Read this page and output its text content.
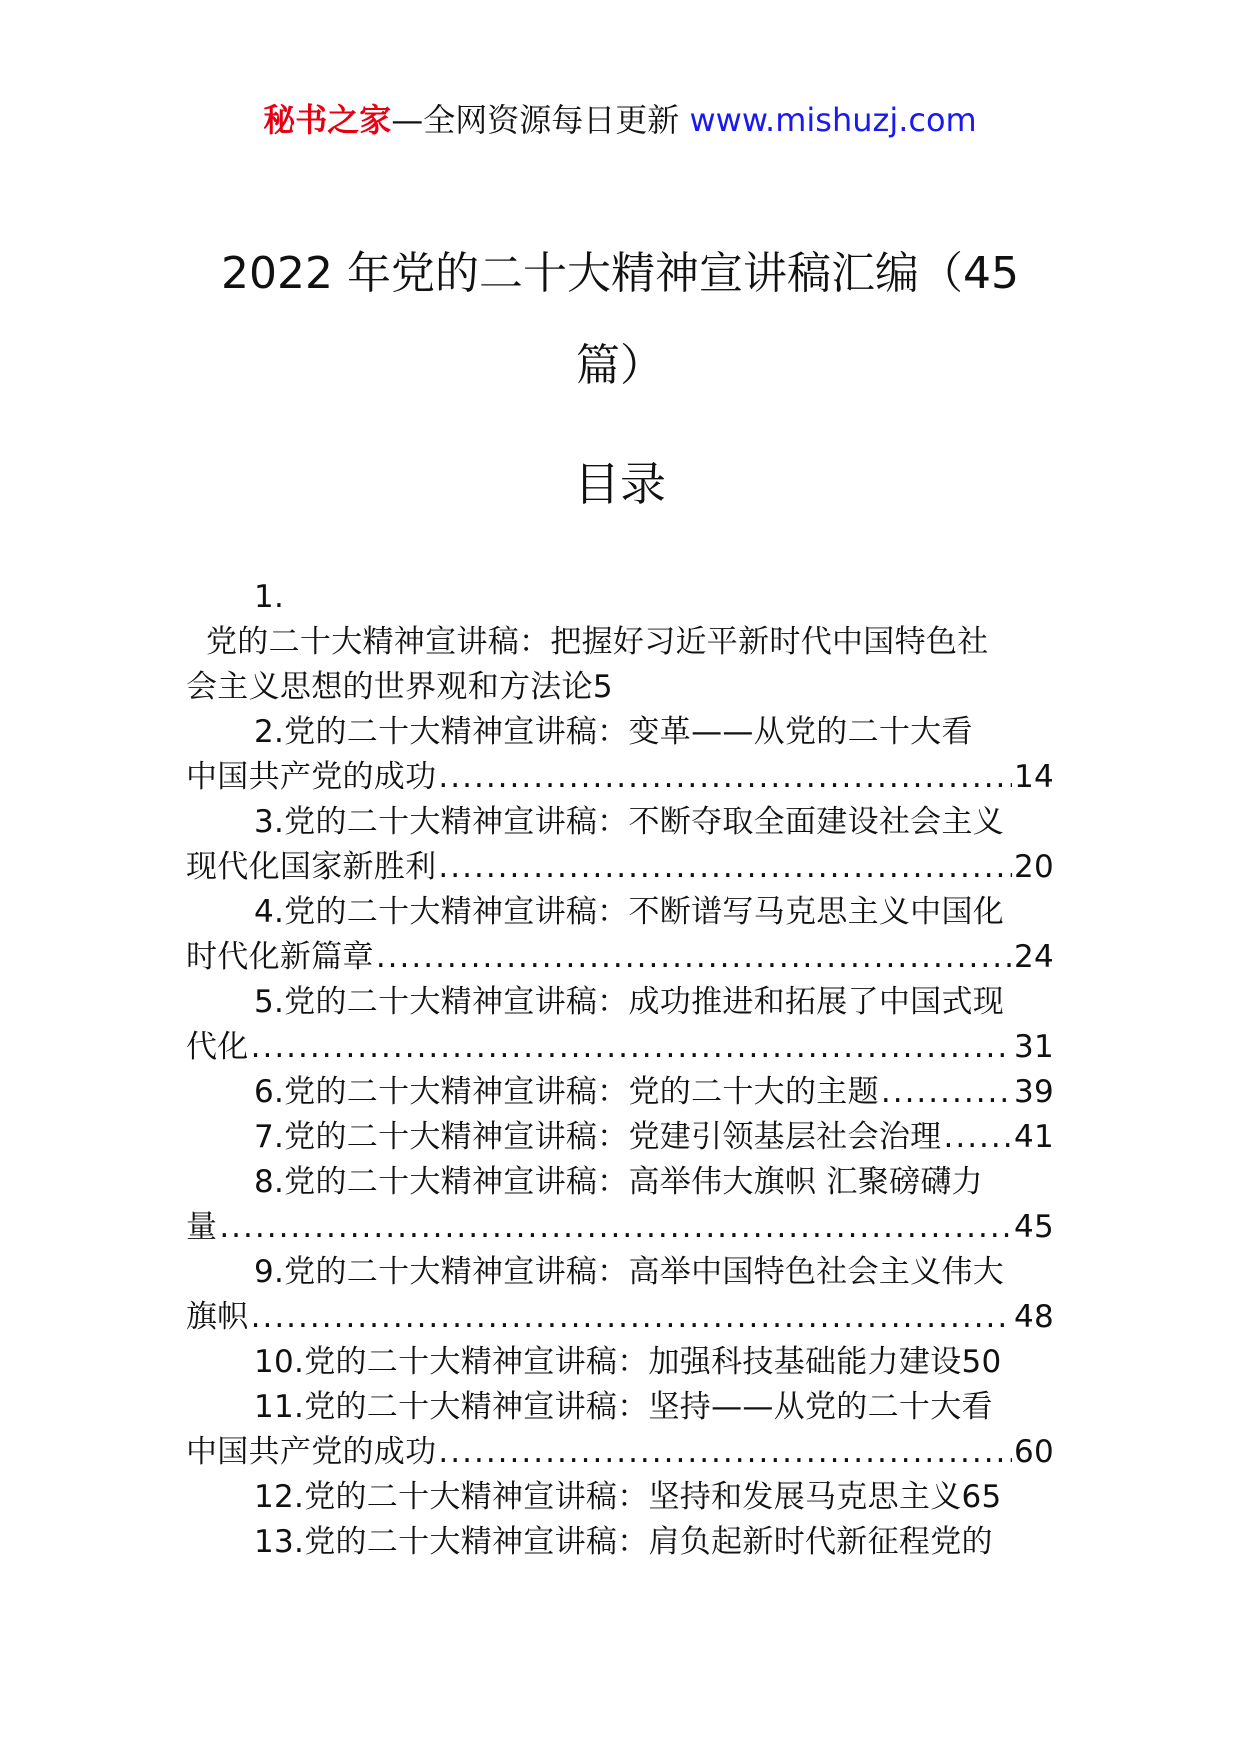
秘书之家—全网资源每日更新 www.mishuzj.com
2022 年党的二十大精神宣讲稿汇编（45
篇）
目录
1.
党的二十大精神宣讲稿：把握好习近平新时代中国特色社
会主义思想的世界观和方法论5
2.党的二十大精神宣讲稿：变革——从党的二十大看
中国共产党的成功 .....	14
3.党的二十大精神宣讲稿：不断夺取全面建设社会主义
现代化国家新胜利 .....	20
4.党的二十大精神宣讲稿：不断谱写马克思主义中国化
时代化新篇章 .....	24
5.党的二十大精神宣讲稿：成功推进和拓展了中国式现
代化 .....	31
6.党的二十大精神宣讲稿：党的二十大的主题 .....	39
7.党的二十大精神宣讲稿：党建引领基层社会治理 ..... 41
8.党的二十大精神宣讲稿：高举伟大旗帜 汇聚磅礴力
量 .....	45
9.党的二十大精神宣讲稿：高举中国特色社会主义伟大
旗帜 .....	48
10.党的二十大精神宣讲稿：加强科技基础能力建设50
11.党的二十大精神宣讲稿：坚持——从党的二十大看
中国共产党的成功 .....	60
12.党的二十大精神宣讲稿：坚持和发展马克思主义65
13.党的二十大精神宣讲稿：肩负起新时代新征程党的
